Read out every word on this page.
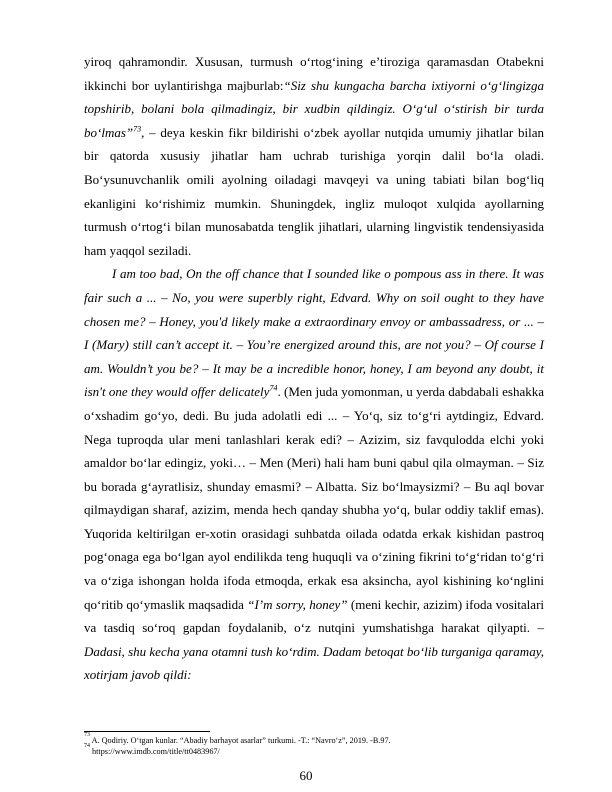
yiroq qahramondir. Xususan, turmush o‘rtog‘ining e’tiroziga qaramasdan Otabekni ikkinchi bor uylantirishga majburlab:“Siz shu kungacha barcha ixtiyorni o‘g‘lingizga topshirib, bolani bola qilmadingiz, bir xudbin qildingiz. O‘g‘ul o‘stirish bir turda bo‘lmas”$^{73}$, – deya keskin fikr bildirishi o‘zbek ayollar nutqida umumiy jihatlar bilan bir qatorda xususiy jihatlar ham uchrab turishiga yorqin dalil bo‘la oladi. Bo‘ysunuvchanlik omili ayolning oiladagi mavqeyi va uning tabiati bilan bog‘liq ekanligini ko‘rishimiz mumkin. Shuningdek, ingliz muloqot xulqida ayollarning turmush o‘rtog‘i bilan munosabatda tenglik jihatlari, ularning lingvistik tendensiyasida ham yaqqol seziladi.

I am too bad, On the off chance that I sounded like o pompous ass in there. It was fair such a ... – No, you were superbly right, Edvard. Why on soil ought to they have chosen me? – Honey, you'd likely make a extraordinary envoy or ambassadress, or ... – I (Mary) still can’t accept it. – You’re energized around this, are not you? – Of course I am. Wouldn’t you be? – It may be a incredible honor, honey, I am beyond any doubt, it isn't one they would offer delicately$^{74}$. (Men juda yomonman, u yerda dabdabali eshakka o‘xshadim go‘yo, dedi. Bu juda adolatli edi ... – Yo‘q, siz to‘g‘ri aytdingiz, Edvard. Nega tuproqda ular meni tanlashlari kerak edi? – Azizim, siz favqulodda elchi yoki amaldor bo‘lar edingiz, yoki… – Men (Meri) hali ham buni qabul qila olmayman. – Siz bu borada g‘ayratlisiz, shunday emasmi? – Albatta. Siz bo‘lmaysizmi? – Bu aql bovar qilmaydigan sharaf, azizim, menda hech qanday shubha yo‘q, bular oddiy taklif emas). Yuqorida keltirilgan er-xotin orasidagi suhbatda oilada odatda erkak kishidan pastroq pog‘onaga ega bo‘lgan ayol endilikda teng huquqli va o‘zining fikrini to‘g‘ridan to‘g‘ri va o‘ziga ishongan holda ifoda etmoqda, erkak esa aksincha, ayol kishining ko‘nglini qo‘ritib qo‘ymaslik maqsadida “I’m sorry, honey” (meni kechir, azizim) ifoda vositalari va tasdiq so‘roq gapdan foydalanib, o‘z nutqini yumshatishga harakat qilyapti. – Dadasi, shu kecha yana otamni tush ko‘rdim. Dadam betoqat bo‘lib turganiga qaramay, xotirjam javob qildi:

$^{73}$ A. Qodiriy. O‘tgan kunlar. “Abadiy barhayot asarlar” turkumi. -T.: “Navro‘z”, 2019. -B.97.
$^{74}$ https://www.imdb.com/title/tt0483967/
60
